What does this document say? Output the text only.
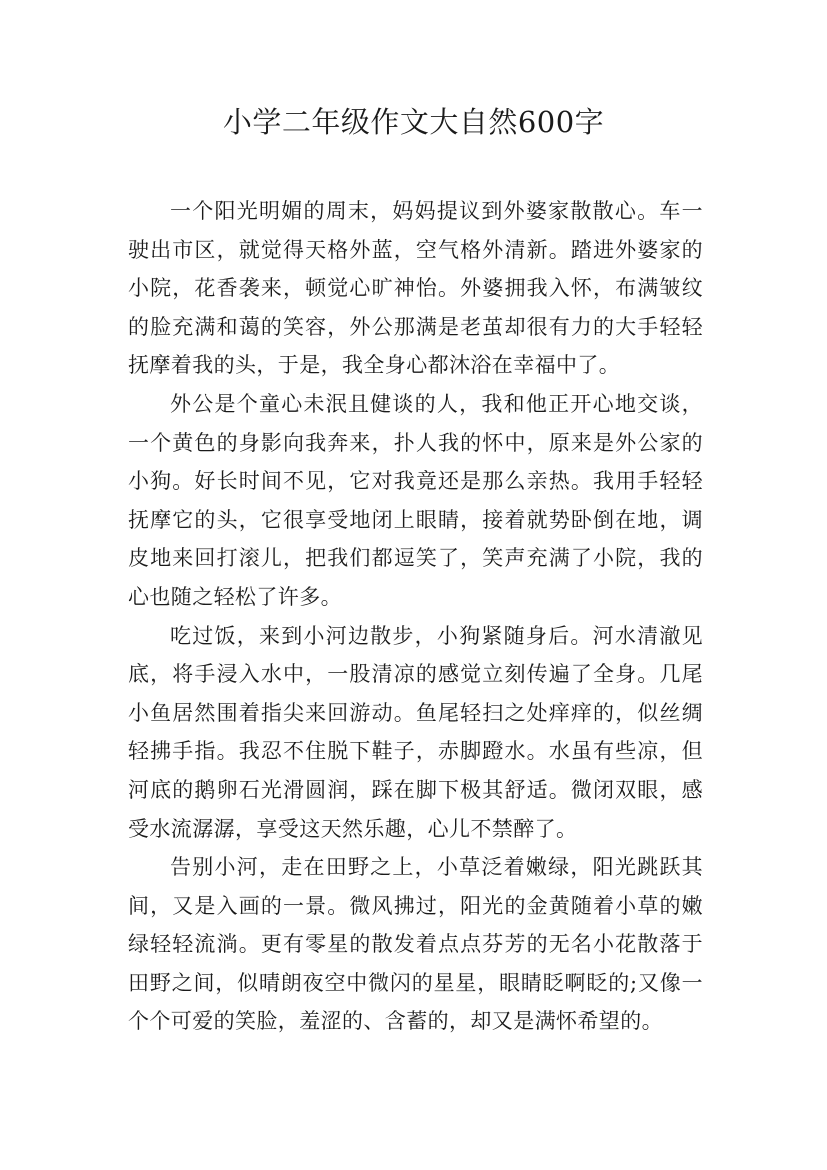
小学二年级作文大自然600字

一个阳光明媚的周末，妈妈提议到外婆家散散心。车一驶出市区，就觉得天格外蓝，空气格外清新。踏进外婆家的小院，花香袭来，顿觉心旷神怡。外婆拥我入怀，布满皱纹的脸充满和蔼的笑容，外公那满是老茧却很有力的大手轻轻抚摩着我的头，于是，我全身心都沐浴在幸福中了。

外公是个童心未泯且健谈的人，我和他正开心地交谈，一个黄色的身影向我奔来，扑人我的怀中，原来是外公家的小狗。好长时间不见，它对我竟还是那么亲热。我用手轻轻抚摩它的头，它很享受地闭上眼睛，接着就势卧倒在地，调皮地来回打滚儿，把我们都逗笑了，笑声充满了小院，我的心也随之轻松了许多。

吃过饭，来到小河边散步，小狗紧随身后。河水清澈见底，将手浸入水中，一股清凉的感觉立刻传遍了全身。几尾小鱼居然围着指尖来回游动。鱼尾轻扫之处痒痒的，似丝绸轻拂手指。我忍不住脱下鞋子，赤脚蹬水。水虽有些凉，但河底的鹅卵石光滑圆润，踩在脚下极其舒适。微闭双眼，感受水流潺潺，享受这天然乐趣，心儿不禁醉了。

告别小河，走在田野之上，小草泛着嫩绿，阳光跳跃其间，又是入画的一景。微风拂过，阳光的金黄随着小草的嫩绿轻轻流淌。更有零星的散发着点点芬芳的无名小花散落于田野之间，似晴朗夜空中微闪的星星，眼睛眨啊眨的;又像一个个可爱的笑脸，羞涩的、含蓄的，却又是满怀希望的。
